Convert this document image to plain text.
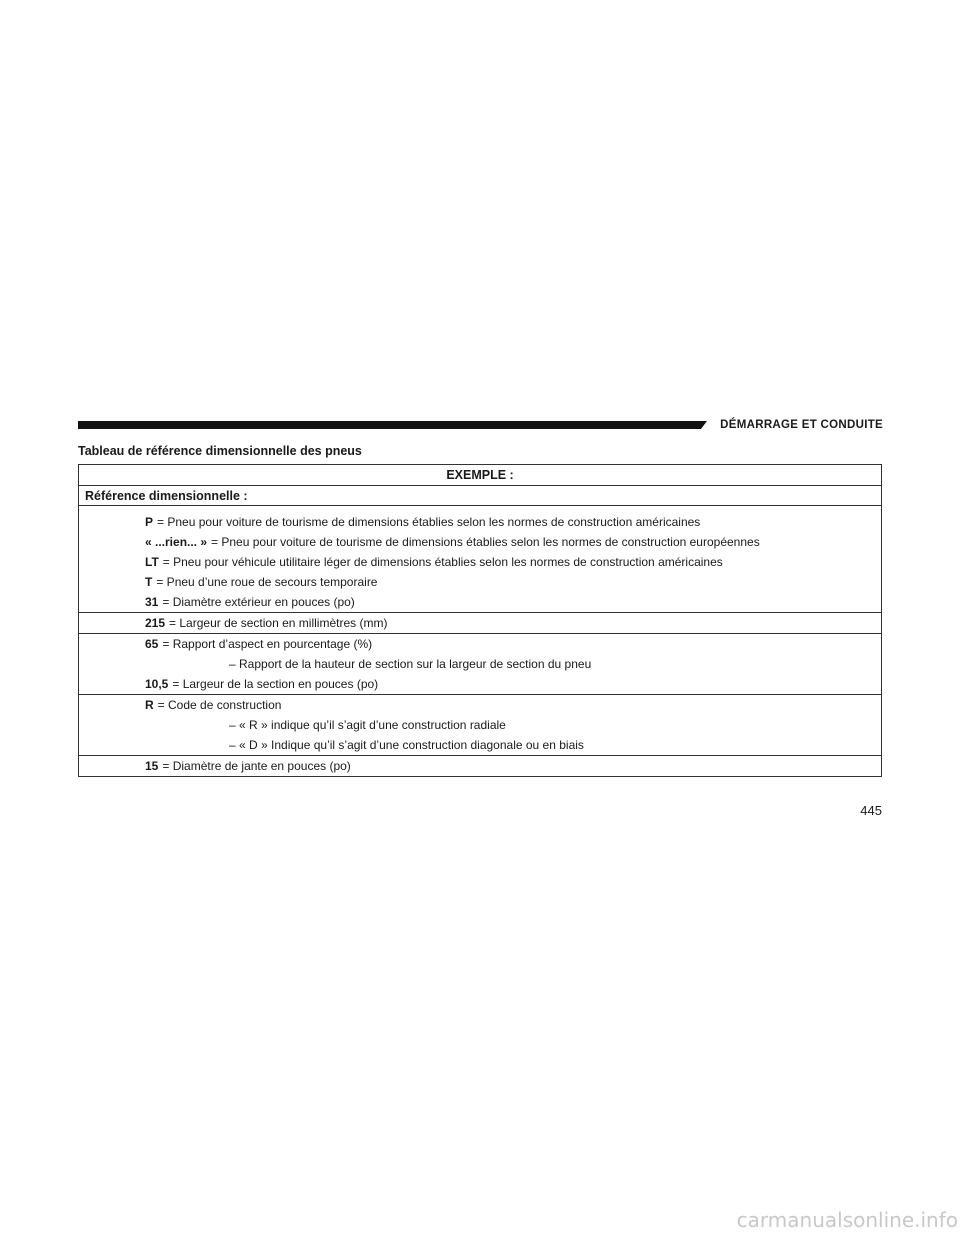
DÉMARRAGE ET CONDUITE
Tableau de référence dimensionnelle des pneus
EXEMPLE :
Référence dimensionnelle :
P = Pneu pour voiture de tourisme de dimensions établies selon les normes de construction américaines
« ...rien... » = Pneu pour voiture de tourisme de dimensions établies selon les normes de construction européennes
LT = Pneu pour véhicule utilitaire léger de dimensions établies selon les normes de construction américaines
T = Pneu d’une roue de secours temporaire
31 = Diamètre extérieur en pouces (po)
215 = Largeur de section en millimètres (mm)
65 = Rapport d’aspect en pourcentage (%)
– Rapport de la hauteur de section sur la largeur de section du pneu
10,5 = Largeur de la section en pouces (po)
R = Code de construction
– « R » indique qu’il s’agit d’une construction radiale
– « D » Indique qu’il s’agit d’une construction diagonale ou en biais
15 = Diamètre de jante en pouces (po)
445
carmanualsonline.info
